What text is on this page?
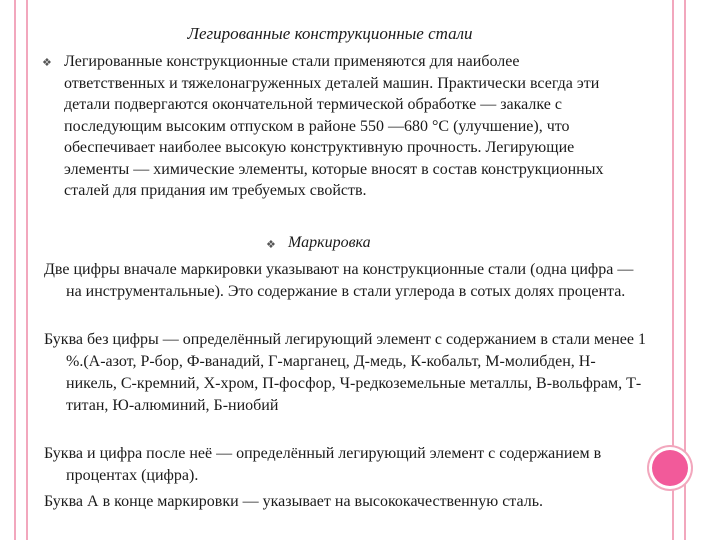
Легированные конструкционные стали
❖ Легированные конструкционные стали применяются для наиболее ответственных и тяжелонагруженных деталей машин. Практически всегда эти детали подвергаются окончательной термической обработке — закалке с последующим высоким отпуском в районе 550 —680 °С (улучшение), что обеспечивает наиболее высокую конструктивную прочность. Легирующие элементы — химические элементы, которые вносят в состав конструкционных сталей для придания им требуемых свойств.
❖ Маркировка
Две цифры вначале маркировки указывают на конструкционные стали (одна цифра — на инструментальные). Это содержание в стали углерода в сотых долях процента.
Буква без цифры — определённый легирующий элемент с содержанием в стали менее 1 %.(А-азот, Р-бор, Ф-ванадий, Г-марганец, Д-медь, К-кобальт, М-молибден, Н-никель, С-кремний, Х-хром, П-фосфор, Ч-редкоземельные металлы, В-вольфрам, Т-титан, Ю-алюминий, Б-ниобий
Буква и цифра после неё — определённый легирующий элемент с содержанием в процентах (цифра).
Буква А в конце маркировки — указывает на высококачественную сталь.
